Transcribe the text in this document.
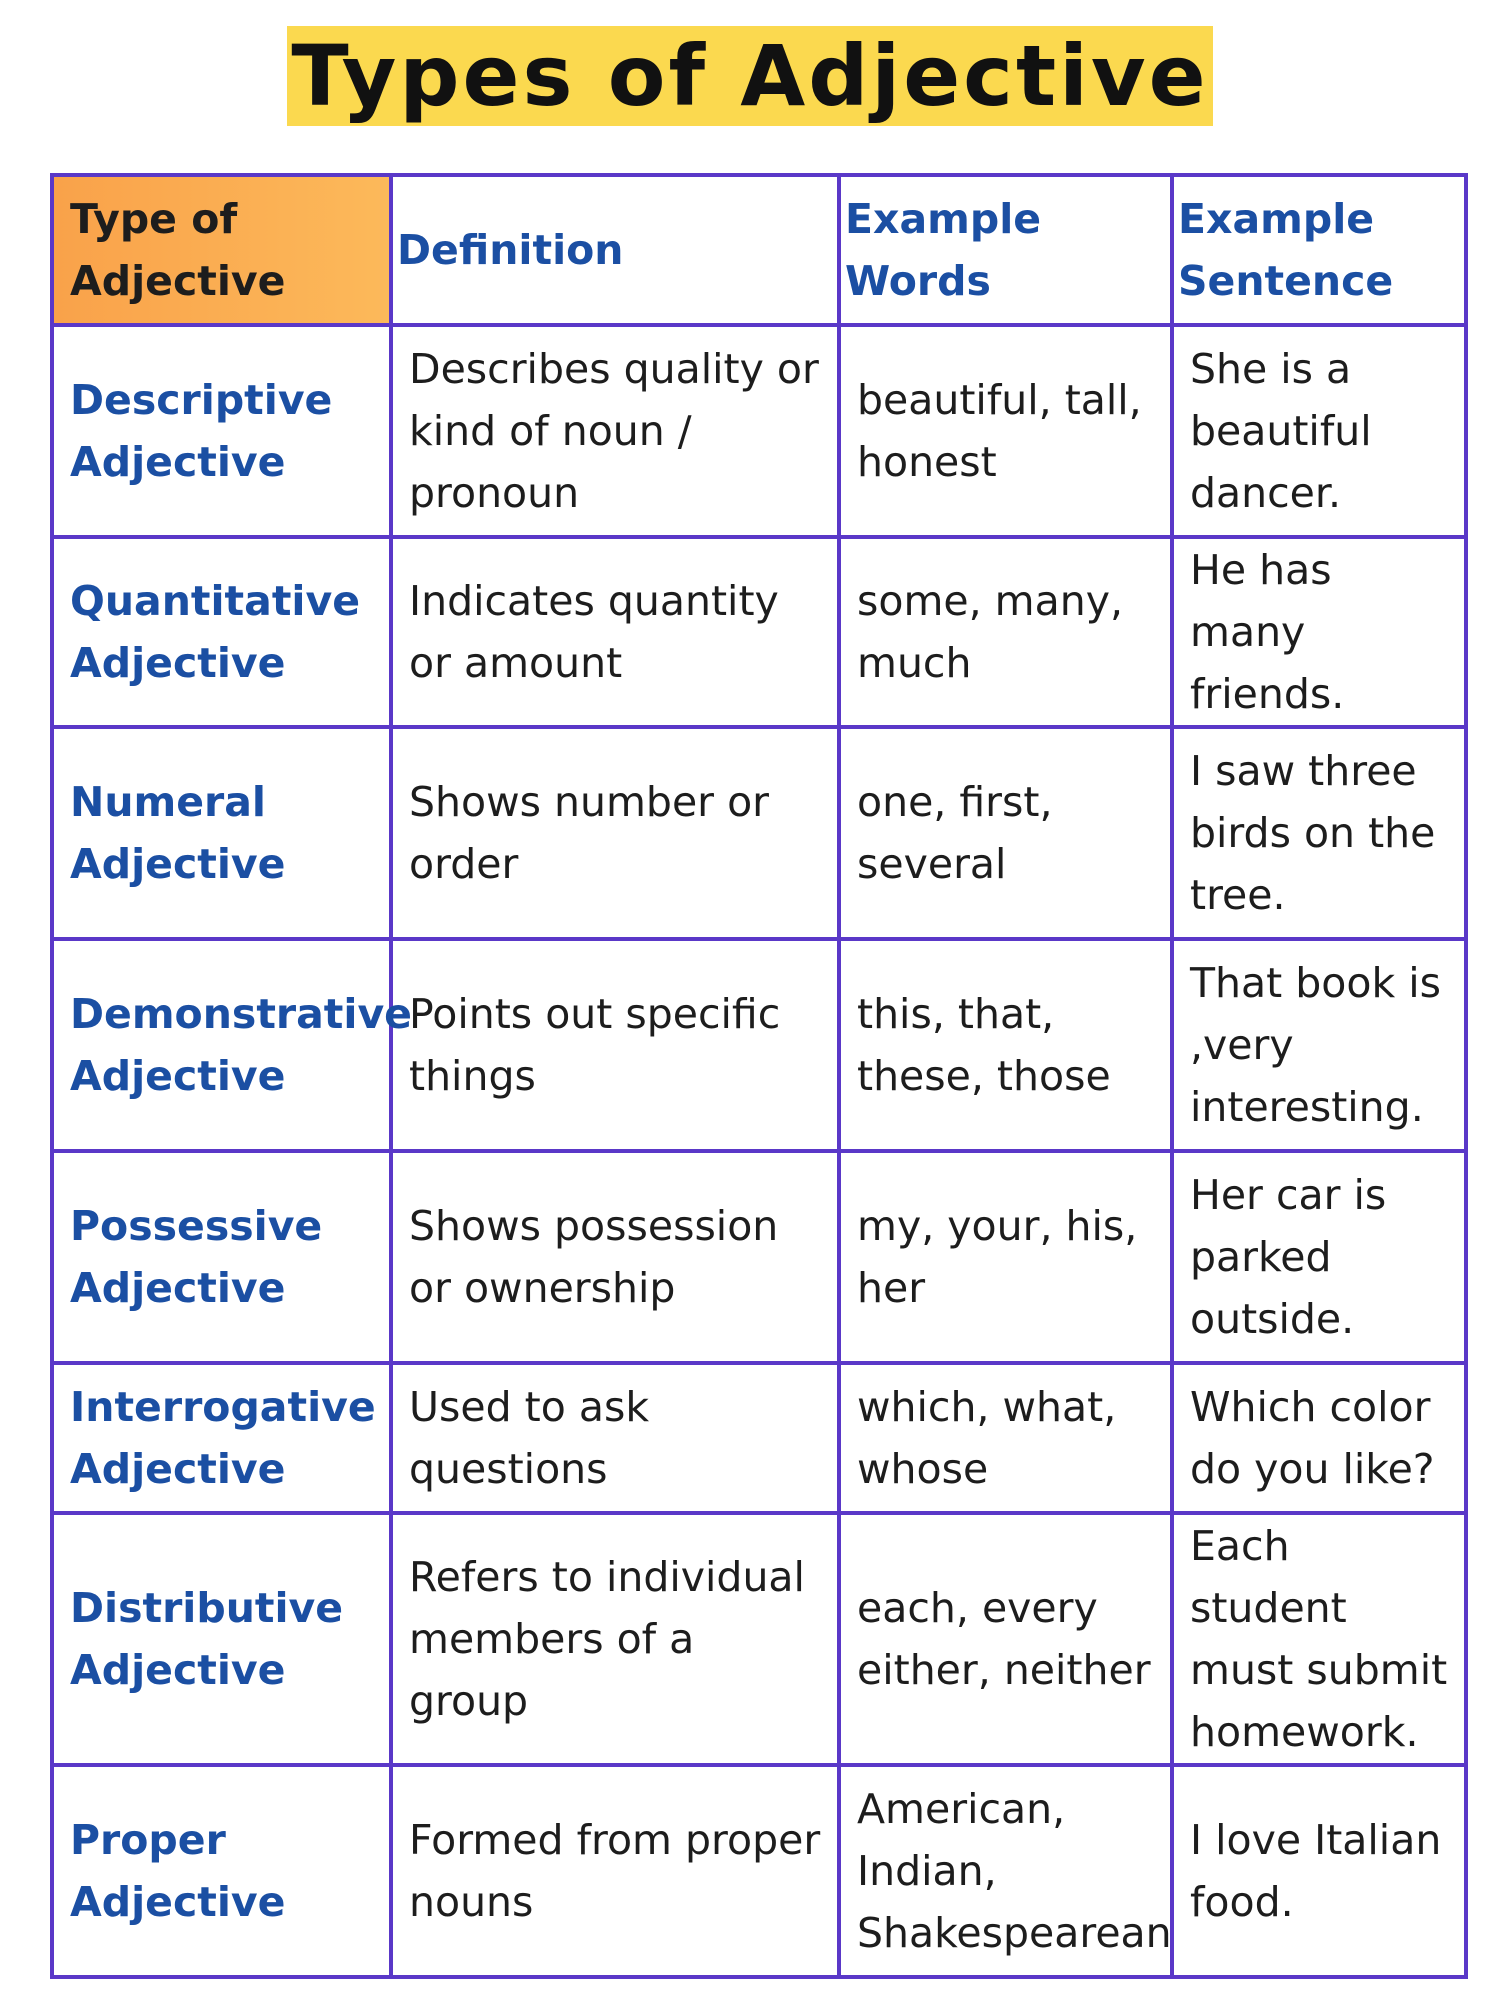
Types of Adjective
Type of Adjective	Definition	Example Words	Example Sentence
Descriptive Adjective	Describes quality or kind of noun / pronoun	beautiful, tall, honest	She is a beautiful dancer.
Quantitative Adjective	Indicates quantity or amount	some, many, much	He has many friends.
Numeral Adjective	Shows number or order	one, first, several	I saw three birds on the tree.
Demonstrative Adjective	Points out specific things	this, that, these, those	That book is ,very interesting.
Possessive Adjective	Shows possession or ownership	my, your, his, her	Her car is parked outside.
Interrogative Adjective	Used to ask questions	which, what, whose	Which color do you like?
Distributive Adjective	Refers to individual members of a group	each, every either, neither	Each student must submit homework.
Proper Adjective	Formed from proper nouns	American, Indian, Shakespearean	I love Italian food.
